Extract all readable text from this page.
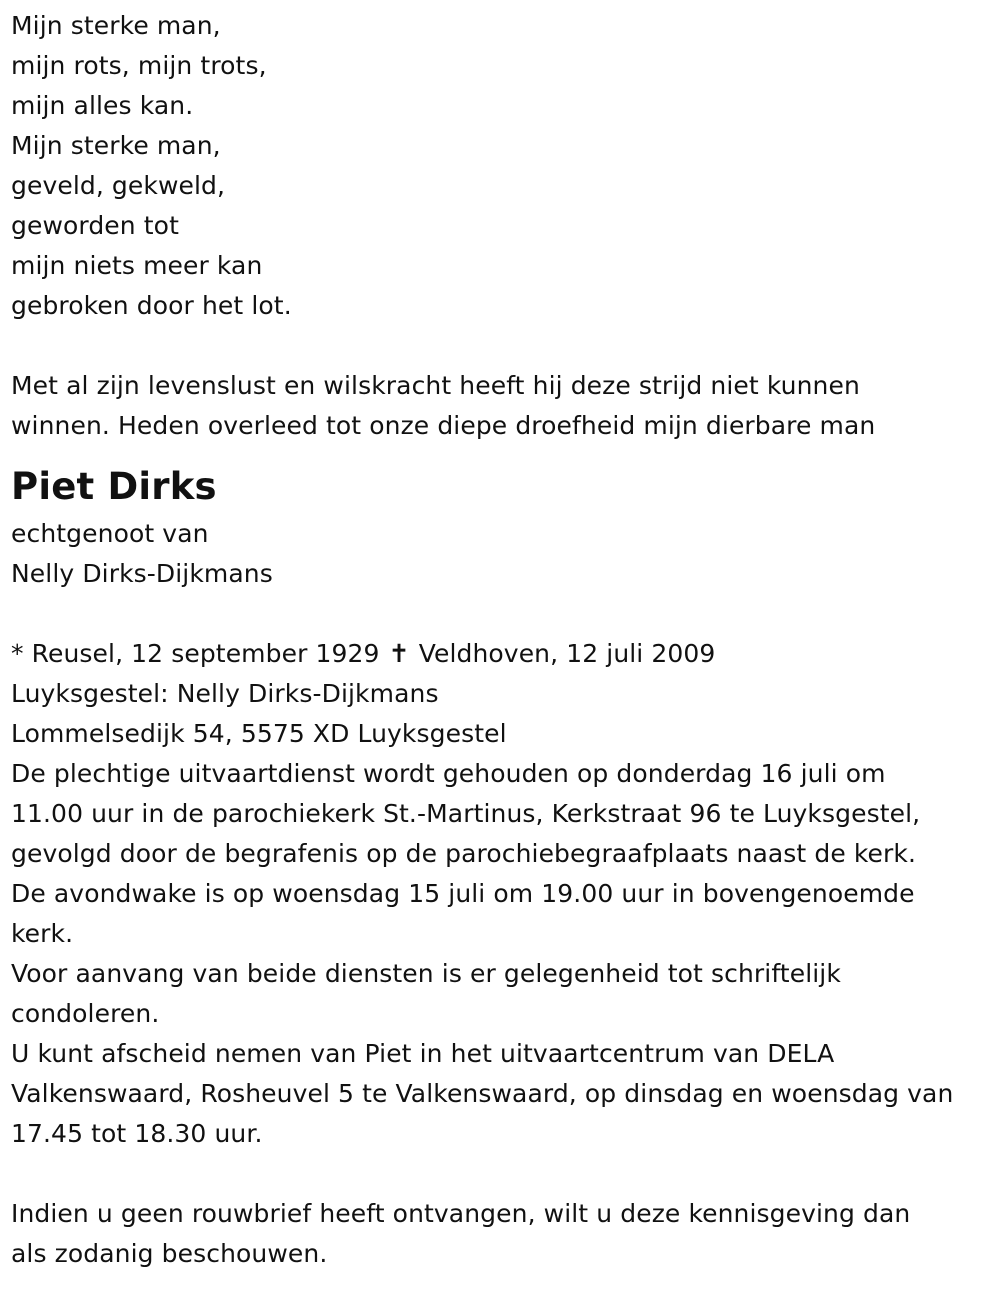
Mijn sterke man,
mijn rots, mijn trots,
mijn alles kan.
Mijn sterke man,
geveld, gekweld,
geworden tot
mijn niets meer kan
gebroken door het lot.
Met al zijn levenslust en wilskracht heeft hij deze strijd niet kunnen
winnen. Heden overleed tot onze diepe droefheid mijn dierbare man
Piet Dirks
echtgenoot van
Nelly Dirks-Dijkmans
* Reusel, 12 september 1929 ✝ Veldhoven, 12 juli 2009
Luyksgestel: Nelly Dirks-Dijkmans
Lommelsedijk 54, 5575 XD Luyksgestel
De plechtige uitvaartdienst wordt gehouden op donderdag 16 juli om
11.00 uur in de parochiekerk St.-Martinus, Kerkstraat 96 te Luyksgestel,
gevolgd door de begrafenis op de parochiebegraafplaats naast de kerk.
De avondwake is op woensdag 15 juli om 19.00 uur in bovengenoemde
kerk.
Voor aanvang van beide diensten is er gelegenheid tot schriftelijk
condoleren.
U kunt afscheid nemen van Piet in het uitvaartcentrum van DELA
Valkenswaard, Rosheuvel 5 te Valkenswaard, op dinsdag en woensdag van
17.45 tot 18.30 uur.
Indien u geen rouwbrief heeft ontvangen, wilt u deze kennisgeving dan
als zodanig beschouwen.
